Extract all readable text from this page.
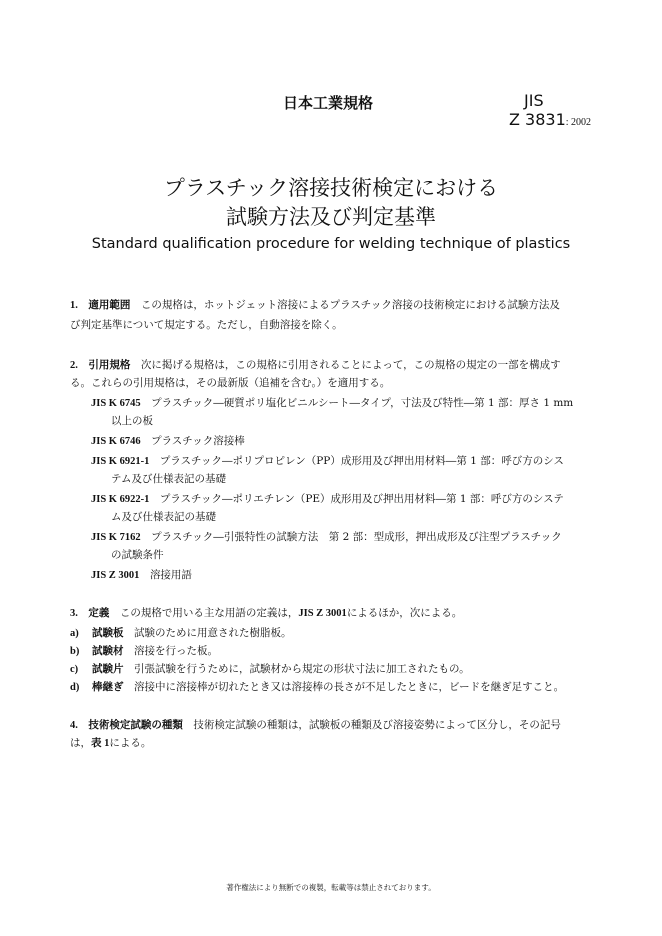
日本工業規格	JIS
Z 3831: 2002
プラスチック溶接技術検定における
試験方法及び判定基準
Standard qualification procedure for welding technique of plastics
1.　 適用範囲　 この規格は，ホットジェット溶接によるプラスチック溶接の技術検定における試験方法及
び判定基準について規定する。ただし，自動溶接を除く。
2.　 引用規格　 次に掲げる規格は，この規格に引用されることによって，この規格の規定の一部を構成す
る。これらの引用規格は，その最新版（追補を含む。）を適用する。
JIS K 6745　 プラスチック―硬質ポリ塩化ビニルシート―タイプ，寸法及び特性―第 1 部：厚さ 1 mm
以上の板
JIS K 6746　 プラスチック溶接棒
JIS K 6921-1　 プラスチック―ポリプロピレン（PP）成形用及び押出用材料―第 1 部：呼び方のシス
テム及び仕様表記の基礎
JIS K 6922-1　 プラスチック―ポリエチレン（PE）成形用及び押出用材料―第 1 部：呼び方のシステ
ム及び仕様表記の基礎
JIS K 7162　 プラスチック―引張特性の試験方法　第 2 部：型成形，押出成形及び注型プラスチック
の試験条件
JIS Z 3001　 溶接用語
3.　 定義　 この規格で用いる主な用語の定義は，JIS Z 3001によるほか，次による。
a) 試験板　 試験のために用意された樹脂板。
b) 試験材　 溶接を行った板。
c) 試験片　 引張試験を行うために，試験材から規定の形状寸法に加工されたもの。
d) 棒継ぎ　 溶接中に溶接棒が切れたとき又は溶接棒の長さが不足したときに，ビードを継ぎ足すこと。
4.　 技術検定試験の種類　 技術検定試験の種類は，試験板の種類及び溶接姿勢によって区分し，その記号
は，表 1による。
著作権法により無断での複製，転載等は禁止されております。
